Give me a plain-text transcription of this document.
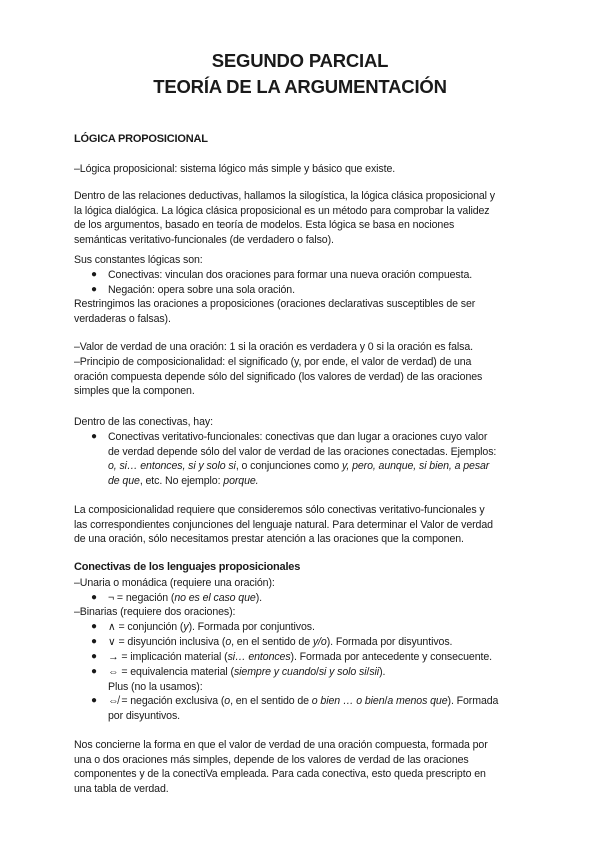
SEGUNDO PARCIAL
TEORÍA DE LA ARGUMENTACIÓN
LÓGICA PROPOSICIONAL
–Lógica proposicional: sistema lógico más simple y básico que existe.
Dentro de las relaciones deductivas, hallamos la silogística, la lógica clásica proposicional y
la lógica dialógica. La lógica clásica proposicional es un método para comprobar la validez
de los argumentos, basado en teoría de modelos. Esta lógica se basa en nociones
semánticas veritativo-funcionales (de verdadero o falso).
Sus constantes lógicas son:
● Conectivas: vinculan dos oraciones para formar una nueva oración compuesta.
● Negación: opera sobre una sola oración.
Restringimos las oraciones a proposiciones (oraciones declarativas susceptibles de ser
verdaderas o falsas).
–Valor de verdad de una oración: 1 si la oración es verdadera y 0 si la oración es falsa.
–Principio de composicionalidad: el significado (y, por ende, el valor de verdad) de una
oración compuesta depende sólo del significado (los valores de verdad) de las oraciones
simples que la componen.
Dentro de las conectivas, hay:
● Conectivas veritativo-funcionales: conectivas que dan lugar a oraciones cuyo valor
de verdad depende sólo del valor de verdad de las oraciones conectadas. Ejemplos:
o, si… entonces, si y solo si, o conjunciones como y, pero, aunque, si bien, a pesar
de que, etc. No ejemplo: porque.
La composicionalidad requiere que consideremos sólo conectivas veritativo-funcionales y
las correspondientes conjunciones del lenguaje natural. Para determinar el Valor de verdad
de una oración, sólo necesitamos prestar atención a las oraciones que la componen.
Conectivas de los lenguajes proposicionales
–Unaria o monádica (requiere una oración):
● ¬ = negación (no es el caso que).
–Binarias (requiere dos oraciones):
● ∧ = conjunción (y). Formada por conjuntivos.
● ∨ = disyunción inclusiva (o, en el sentido de y/o). Formada por disyuntivos.
● → = implicación material (si… entonces). Formada por antecedente y consecuente.
● ⇔ = equivalencia material (siempre y cuando/si y solo si/sii).
Plus (no la usamos):
● ⇎ = negación exclusiva (o, en el sentido de o bien … o bien/a menos que). Formada
por disyuntivos.
Nos concierne la forma en que el valor de verdad de una oración compuesta, formada por
una o dos oraciones más simples, depende de los valores de verdad de las oraciones
componentes y de la conectiVa empleada. Para cada conectiva, esto queda prescripto en
una tabla de verdad.
